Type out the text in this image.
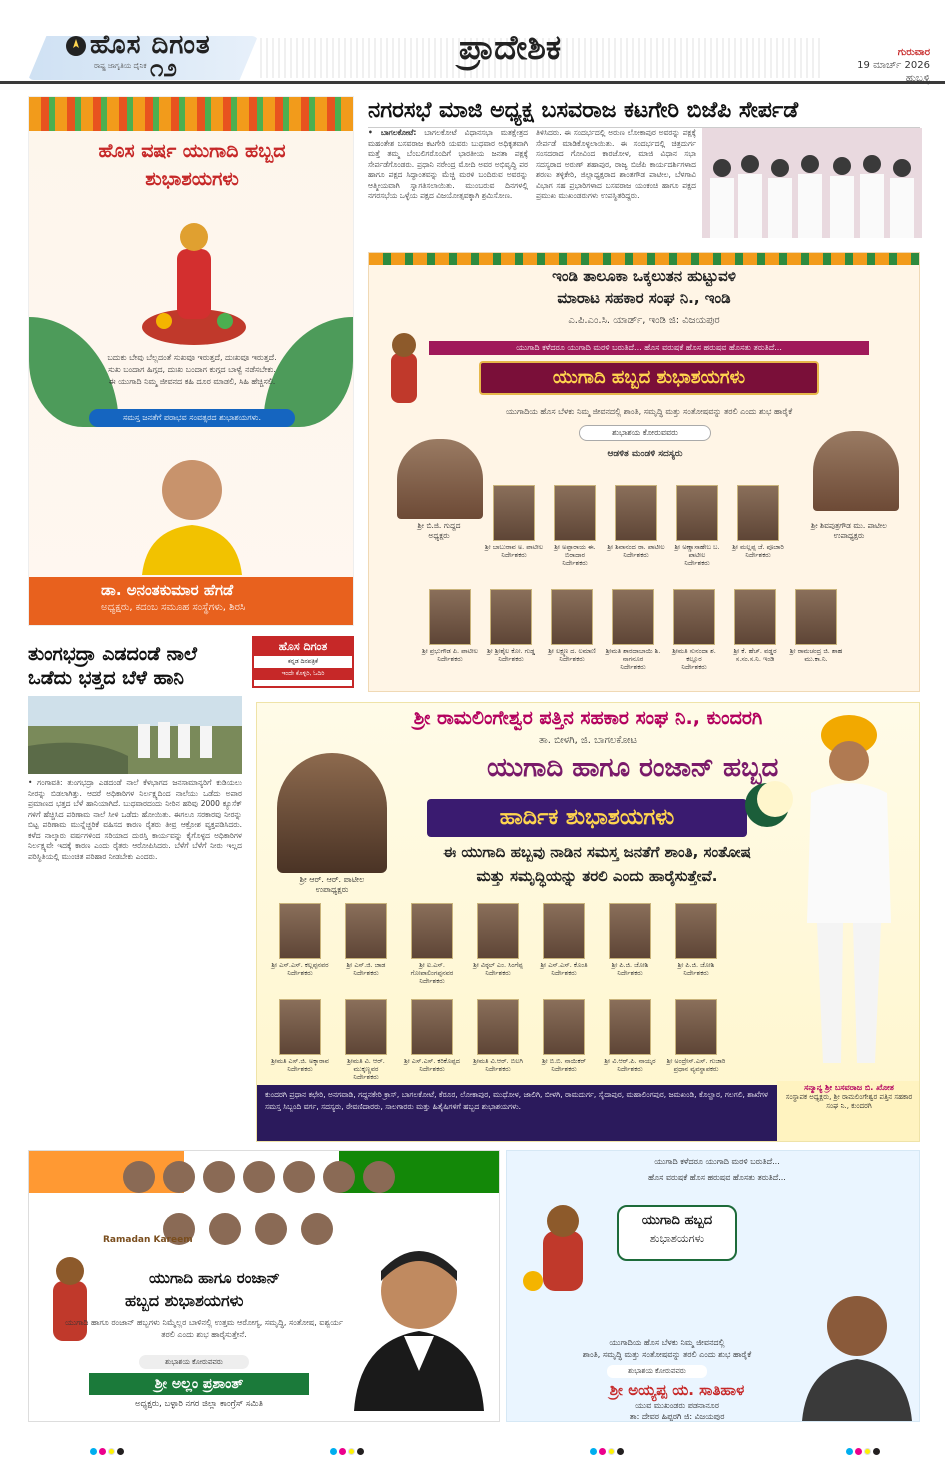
ಹೊಸ ದಿಗಂತ
ರಾಷ್ಟ್ರ ಜಾಗೃತಿಯ ದೈನಿಕ ೧೨	ಪ್ರಾದೇಶಿಕ	ಗುರುವಾರ
19 ಮಾರ್ಚ್ 2026
ಹುಬ್ಬಳ್ಳಿ
ಹೊಸ ವರ್ಷ ಯುಗಾದಿ ಹಬ್ಬದ
ಶುಭಾಶಯಗಳು
ಬದುಕು ಬೇವು ಬೆಲ್ಲದಂತೆ ಸುಖವೂ ಇರುತ್ತದೆ, ದುಃಖವೂ ಇರುತ್ತದೆ.
ಸುಖ ಬಂದಾಗ ಹಿಗ್ಗದ, ದುಃಖ ಬಂದಾಗ ಕುಗ್ಗದ ಬಾಳ್ವೆ ನಡೆಸಬೇಕು.
ಈ ಯುಗಾದಿ ನಿಮ್ಮ ಜೀವನದ ಕಹಿ ದೂರ ಮಾಡಲಿ, ಸಿಹಿ ಹೆಚ್ಚಿಸಲಿ.
ಸಮಸ್ತ ಜನತೆಗೆ ಪರಾಭವ ಸಂವತ್ಸರದ ಶುಭಾಶಯಗಳು.
ಡಾ. ಅನಂತಕುಮಾರ ಹೆಗಡೆ
ಅಧ್ಯಕ್ಷರು, ಕದಂಬ ಸಮೂಹ ಸಂಸ್ಥೆಗಳು, ಶಿರಸಿ
ನಗರಸಭೆ ಮಾಜಿ ಅಧ್ಯಕ್ಷ ಬಸವರಾಜ ಕಟಗೇರಿ ಬಿಜೆಪಿ ಸೇರ್ಪಡೆ
• ಬಾಗಲಕೋಟೆ: ಬಾಗಲಕೋಟೆ ವಿಧಾನಸಭಾ ಮತಕ್ಷೇತ್ರದ ಮಹಂತೇಶ ಬಸವರಾಜ ಕಟಗೇರಿ ಯವರು ಬುಧವಾರ ಅಧಿಕೃತವಾಗಿ ಮತ್ತೆ ತಮ್ಮ ಬೆಂಬಲಿಗರೊಂದಿಗೆ ಭಾರತೀಯ ಜನತಾ ಪಕ್ಷಕ್ಕೆ ಸೇರ್ಪಡೆಗೊಂಡರು. ಪ್ರಧಾನಿ ನರೇಂದ್ರ ಮೋದಿ ಅವರ ಅಭಿವೃದ್ಧಿ ಪರ ಹಾಗೂ ಪಕ್ಷದ ಸಿದ್ಧಾಂತವನ್ನು ಮೆಚ್ಚಿ ಮರಳಿ ಬಂದಿರುವ ಅವರನ್ನು ಆತ್ಮೀಯವಾಗಿ ಸ್ವಾಗತಿಸಲಾಯಿತು. ಮುಂಬರುವ ದಿನಗಳಲ್ಲಿ ನಗರಸಭೆಯ ಒಳ್ಳೆಯ ಪಕ್ಷದ ವಿಜಯೋತ್ಸವಕ್ಕಾಗಿ ಶ್ರಮಿಸೋಣ.
ತಿಳಿಸಿದರು. ಈ ಸಂದರ್ಭದಲ್ಲಿ ಅರುಣ ಲೋಕಾಪುರ ಅವರನ್ನು ಪಕ್ಷಕ್ಕೆ ಸೇರ್ಪಡೆ ಮಾಡಿಕೊಳ್ಳಲಾಯಿತು. ಈ ಸಂದರ್ಭದಲ್ಲಿ ಚಿತ್ರದುರ್ಗ ಸಂಸದರಾದ ಗೋವಿಂದ ಕಾರಜೋಳ, ಮಾಜಿ ವಿಧಾನ ಸಭಾ ಸದಸ್ಯರಾದ ಅರುಣ್ ಶಹಾಪುರ, ರಾಜ್ಯ ಬಿಜೆಪಿ ಕಾರ್ಯದರ್ಶಿಗಳಾದ ಶರಣು ತಳ್ಳಿಕೇರಿ, ಜಿಲ್ಲಾಧ್ಯಕ್ಷರಾದ ಶಾಂತಗೌಡ ಪಾಟೀಲ, ಬೆಳಗಾವಿ ವಿಭಾಗ ಸಹ ಪ್ರಭಾರಿಗಳಾದ ಬಸವರಾಜ ಯಂಕಂಚಿ ಹಾಗೂ ಪಕ್ಷದ ಪ್ರಮುಖ ಮುಖಂಡರುಗಳು ಉಪಸ್ಥಿತರಿದ್ದರು.
ಇಂಡಿ ತಾಲೂಕಾ ಒಕ್ಕಲುತನ ಹುಟ್ಟುವಳಿ
ಮಾರಾಟ ಸಹಕಾರ ಸಂಘ ನಿ., ಇಂಡಿ
ಎ.ಪಿ.ಎಂ.ಸಿ. ಯಾರ್ಡ್, ಇಂಡಿ ಜಿ: ವಿಜಯಪುರ
ಯುಗಾದಿ ಕಳೆದರೂ ಯುಗಾದಿ ಮರಳಿ ಬರುತಿದೆ... ಹೊಸ ವರುಷಕೆ ಹೊಸ ಹರುಷವ ಹೊಸತು ತರುತಿದೆ...
ಯುಗಾದಿ ಹಬ್ಬದ ಶುಭಾಶಯಗಳು
ಯುಗಾದಿಯ ಹೊಸ ಬೆಳಕು ನಿಮ್ಮ ಜೀವನದಲ್ಲಿ ಶಾಂತಿ, ಸಮೃದ್ಧಿ ಮತ್ತು ಸಂತೋಷವನ್ನು ತರಲಿ ಎಂದು ಶುಭ ಹಾರೈಕೆ
ಶುಭಾಶಯ ಕೋರುವವರು
ಆಡಳಿತ ಮಂಡಳಿ ಸದಸ್ಯರು
ಶ್ರೀ ಬಿ.ಜಿ. ಗುದ್ದದ
ಅಧ್ಯಕ್ಷರು
ಶ್ರೀ ಶಿವಪುತ್ರಗೌಡ ಮು. ಪಾಟೀಲ
ಉಪಾಧ್ಯಕ್ಷರು
ಶ್ರೀ ಬಾಬುರಾವ ಅ. ಪಾಟೀಲ
ನಿರ್ದೇಶಕರು
ಶ್ರೀ ಅಪ್ಪಾರಾಯ ಈ. ಬಿರಾದಾರ
ನಿರ್ದೇಶಕರು
ಶ್ರೀ ಶಿವಾನಂದ ರಾ. ಪಾಟೀಲ
ನಿರ್ದೇಶಕರು
ಶ್ರೀ ಅಣ್ಣಾಸಾಹೇಬ ಬ. ಪಾಟೀಲ
ನಿರ್ದೇಶಕರು
ಶ್ರೀ ಮಲ್ಲಪ್ಪ ಜೆ. ಪೂಜಾರಿ
ನಿರ್ದೇಶಕರು
ಶ್ರೀ ಪ್ರಭುಗೌಡ ಪಿ. ಪಾಟೀಲ
ನಿರ್ದೇಶಕರು
ಶ್ರೀ ಶ್ರೀಶೈಲ ಕೋ. ಗುಡ್ಡ
ನಿರ್ದೇಶಕರು
ಶ್ರೀ ಲಕ್ಷ್ಮಣ ದ. ಲಮಾಣಿ
ನಿರ್ದೇಶಕರು
ಶ್ರೀಮತಿ ಶಾರದಾಬಾಯಿ ಶಿ. ನಾಗನೂರ
ನಿರ್ದೇಶಕರು
ಶ್ರೀಮತಿ ಸುನಂದಾ ಶ. ಕಲ್ಲೂರ
ನಿರ್ದೇಶಕರು
ಶ್ರೀ ಕೆ. ಹೆಚ್. ವಡ್ಡರ
ಸ.ಸಂ.ಸ.ನಿ. ಇಂಡಿ
ಶ್ರೀ ರಾಮಚಂದ್ರ ಜಿ. ಶಾಹ
ಮು.ಕಾ.ನಿ.
ತುಂಗಭದ್ರಾ ಎಡದಂಡೆ ನಾಲೆ
ಒಡೆದು ಭತ್ತದ ಬೆಳೆ ಹಾನಿ
ಹೊಸ ದಿಗಂತ
ಕನ್ನಡ ದಿನಪತ್ರಿಕೆ
ಇಂದೇ ಕೊಳ್ಳಿರಿ, ಓದಿರಿ
• ಗಂಗಾವತಿ: ತುಂಗಭದ್ರಾ ಎಡದಂಡೆ ನಾಲೆ ಕೆಳಭಾಗದ ಜನಸಾಮಾನ್ಯರಿಗೆ ಕುಡಿಯಲು ನೀರನ್ನು ಬಿಡಲಾಗಿತ್ತು. ಆದರೆ ಅಧಿಕಾರಿಗಳ ನಿರ್ಲಕ್ಷ್ಯದಿಂದ ನಾಲೆಯು ಒಡೆದು ಅಪಾರ ಪ್ರಮಾಣದ ಭತ್ತದ ಬೆಳೆ ಹಾನಿಯಾಗಿದೆ. ಬುಧವಾರದಂದು ನೀರಿನ ಹರಿವು 2000 ಕ್ಯೂಸೆಕ್ ಗಳಿಗೆ ಹೆಚ್ಚಿಸಿದ ಪರಿಣಾಮ ನಾಲೆ ಸೀಳಿ ಒಡೆದು ಹೋಯಿತು. ಈಗಲೂ ಸರಕಾರವು ನೀರನ್ನು ಬಿಟ್ಟ ಪರಿಣಾಮ ಮುನ್ನೆಚ್ಚರಿಕೆ ವಹಿಸದ ಕಾರಣ ರೈತರು ತೀವ್ರ ಆಕ್ರೋಶ ವ್ಯಕ್ತಪಡಿಸಿದರು. ಕಳೆದ ನಾಲ್ಕಾರು ವರ್ಷಗಳಿಂದ ಸರಿಯಾದ ದುರಸ್ತಿ ಕಾರ್ಯವನ್ನು ಕೈಗೊಳ್ಳದ ಅಧಿಕಾರಿಗಳ ನಿರ್ಲಕ್ಷ್ಯವೇ ಇದಕ್ಕೆ ಕಾರಣ ಎಂದು ರೈತರು ಆರೋಪಿಸಿದರು. ಬೆಳೆಗೆ ಬೆಳೆಗೆ ನೀರು ಇಲ್ಲದ ಪರಿಸ್ಥಿತಿಯಲ್ಲಿ ಮುಂಚಿತ ಪರಿಹಾರ ನೀಡಬೇಕು ಎಂದರು.
ಶ್ರೀ ರಾಮಲಿಂಗೇಶ್ವರ ಪತ್ತಿನ ಸಹಕಾರ ಸಂಘ ನಿ., ಕುಂದರಗಿ
ತಾ. ಬೀಳಗಿ, ಜಿ. ಬಾಗಲಕೋಟ
ಯುಗಾದಿ ಹಾಗೂ ರಂಜಾನ್ ಹಬ್ಬದ
ಹಾರ್ದಿಕ ಶುಭಾಶಯಗಳು
ಶ್ರೀ ಆರ್. ಆರ್. ಪಾಟೀಲ
ಉಪಾಧ್ಯಕ್ಷರು
ಈ ಯುಗಾದಿ ಹಬ್ಬವು ನಾಡಿನ ಸಮಸ್ತ ಜನತೆಗೆ ಶಾಂತಿ, ಸಂತೋಷ
ಮತ್ತು ಸಮೃದ್ಧಿಯನ್ನು ತರಲಿ ಎಂದು ಹಾರೈಸುತ್ತೇವೆ.
ಶ್ರೀ ಎಸ್.ಎಸ್. ಕಲ್ಲಪ್ಪನವರ
ನಿರ್ದೇಶಕರು
ಶ್ರೀ ಎಸ್.ಜಿ. ಜಾಡ
ನಿರ್ದೇಶಕರು
ಶ್ರೀ ಐ.ಎಸ್. ಗೋಪಾಲಿಂಗಪ್ಪನವರ
ನಿರ್ದೇಶಕರು
ಶ್ರೀ ವಿಠ್ಠಲ್ ಎಂ. ಸಿಂಗೆಪ್ಪ
ನಿರ್ದೇಶಕರು
ಶ್ರೀ ಎಸ್.ಎಸ್. ಕೊಂತಿ
ನಿರ್ದೇಶಕರು
ಶ್ರೀ ಪಿ.ಜಿ. ಜೋಶಿ
ನಿರ್ದೇಶಕರು
ಶ್ರೀ ಪಿ.ಜಿ. ಜೋಶಿ
ನಿರ್ದೇಶಕರು
ಶ್ರೀಮತಿ ಎಸ್.ಜಿ. ಅಕ್ಕಾರಾವ
ನಿರ್ದೇಶಕರು
ಶ್ರೀಮತಿ ವಿ. ಆರ್. ಮುಕ್ಕಣ್ಣವರ
ನಿರ್ದೇಶಕರು
ಶ್ರೀ ಎಸ್.ಎಸ್. ಕರಿಕೊಪ್ಪದ
ನಿರ್ದೇಶಕರು
ಶ್ರೀಮತಿ ವಿ.ಆರ್. ಬಿಲಗಿ
ನಿರ್ದೇಶಕರು
ಶ್ರೀ ಬಿ.ಬಿ. ನಾಯಿಕರ್
ನಿರ್ದೇಶಕರು
ಶ್ರೀ ವಿ.ಆರ್.ಪಿ. ನಾಯ್ಕರ
ನಿರ್ದೇಶಕರು
ಶ್ರೀ ಅಂದ್ರೇಸ್.ಎಸ್. ಗುಜಾರಿ
ಪ್ರಧಾನ ವ್ಯವಸ್ಥಾಪಕರು
ಕುಂದರಗಿ ಪ್ರಧಾನ ಕಛೇರಿ, ಅನಗವಾಡಿ, ಗದ್ದನಕೇರಿ ಕ್ರಾಸ್, ಬಾಗಲಕೋಟೆ, ಕೆರೂರ, ಲೋಕಾಪುರ, ಮುಧೋಳ, ಜಾಲಿಗಿ, ಬೀಳಗಿ, ರಾಮದುರ್ಗ, ಸೈದಾಪುರ, ಮಹಾಲಿಂಗಪುರ, ಜಮಖಂಡಿ, ಕೊಲ್ಹಾರ, ಗಲಗಲಿ, ಶಾಖೆಗಳ ಸಮಸ್ತ ಸಿಬ್ಬಂದಿ ವರ್ಗ, ಸದಸ್ಯರು, ಠೇವಣಿದಾರರು, ಸಾಲಗಾರರು ಮತ್ತು ಹಿತೈಷಿಗಳಿಗೆ ಹಬ್ಬದ ಶುಭಾಶಯಗಳು.
ಸನ್ಮಾನ್ಯ ಶ್ರೀ ಬಸವರಾಜ ಬಿ. ಖೋತ
ಸಂಸ್ಥಾಪಕ ಅಧ್ಯಕ್ಷರು, ಶ್ರೀ ರಾಮಲಿಂಗೇಶ್ವರ ಪತ್ತಿನ ಸಹಕಾರ ಸಂಘ ನಿ., ಕುಂದರಗಿ
Ramadan Kareem
ಯುಗಾದಿ ಹಾಗೂ ರಂಜಾನ್
ಹಬ್ಬದ ಶುಭಾಶಯಗಳು
ಯುಗಾದಿ ಹಾಗೂ ರಂಜಾನ್ ಹಬ್ಬಗಳು ನಿಮ್ಮೆಲ್ಲರ ಬಾಳಿನಲ್ಲಿ ಉತ್ತಮ ಆರೋಗ್ಯ, ಸಮೃದ್ಧಿ, ಸಂತೋಷ, ಐಶ್ವರ್ಯ ತರಲಿ ಎಂದು ಶುಭ ಹಾರೈಸುತ್ತೇನೆ.
ಶುಭಾಶಯ ಕೋರುವವರು
ಶ್ರೀ ಅಲ್ಲಂ ಪ್ರಶಾಂತ್
ಅಧ್ಯಕ್ಷರು, ಬಳ್ಳಾರಿ ನಗರ ಜಿಲ್ಲಾ ಕಾಂಗ್ರೆಸ್ ಸಮಿತಿ
ಯುಗಾದಿ ಕಳೆದರೂ ಯುಗಾದಿ ಮರಳಿ ಬರುತಿದೆ...
ಹೊಸ ವರುಷಕೆ ಹೊಸ ಹರುಷವ ಹೊಸತು ತರುತಿದೆ...
ಯುಗಾದಿ ಹಬ್ಬದ
ಶುಭಾಶಯಗಳು
ಯುಗಾದಿಯ ಹೊಸ ಬೆಳಕು ನಿಮ್ಮ ಜೀವನದಲ್ಲಿ
ಶಾಂತಿ, ಸಮೃದ್ಧಿ ಮತ್ತು ಸಂತೋಷವನ್ನು ತರಲಿ ಎಂದು ಶುಭ ಹಾರೈಕೆ
ಶುಭಾಶಯ ಕೋರುವವರು
ಶ್ರೀ ಅಯ್ಯಪ್ಪ ಯ. ಸಾತಿಹಾಳ
ಯುವ ಮುಖಂಡರು ಪಡನಾನೂರ
ತಾ: ದೇವರ ಹಿಪ್ಪರಗಿ ಜಿ: ವಿಜಯಪುರ
